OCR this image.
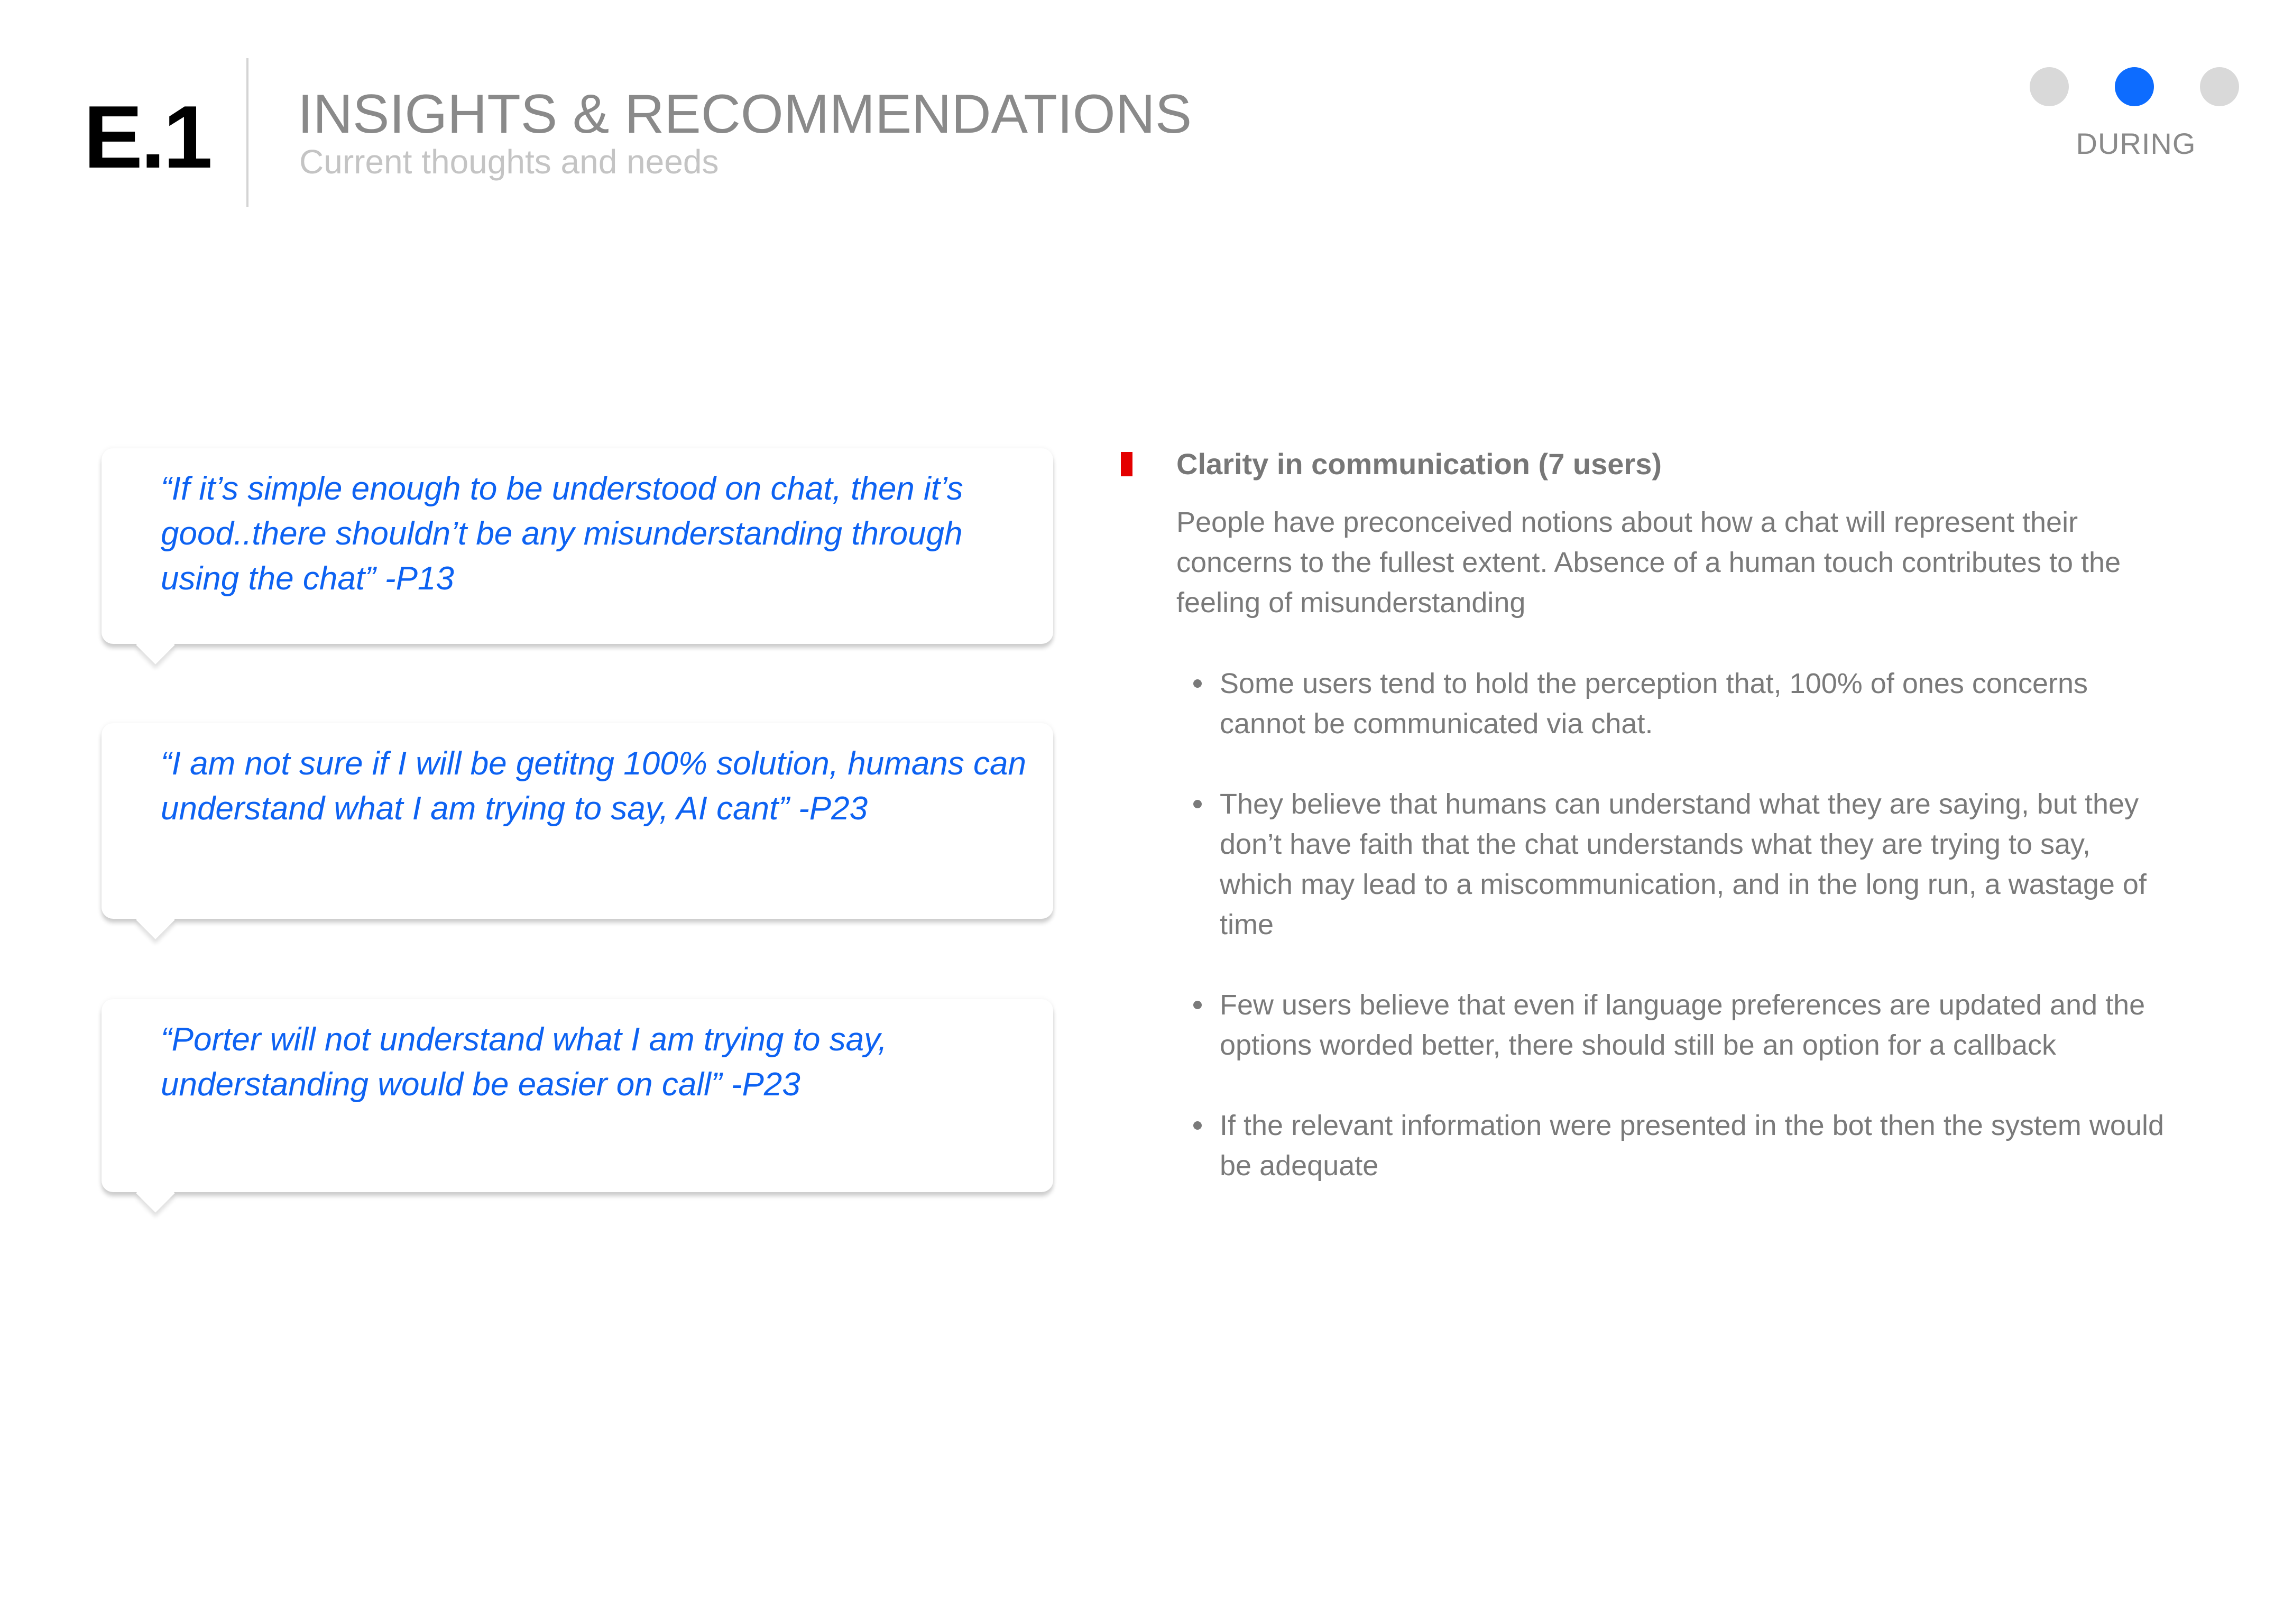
E.1 INSIGHTS & RECOMMENDATIONS
Current thoughts and needs	DURING
“If it’s simple enough to be understood on chat, then it’s good..there shouldn’t be any misunderstanding through using the chat” -P13
“I am not sure if I will be getitng 100% solution, humans can understand what I am trying to say, AI cant” -P23
“Porter will not understand what I am trying to say, understanding would be easier on call” -P23
Clarity in communication (7 users)
People have preconceived notions about how a chat will represent their concerns to the fullest extent. Absence of a human touch contributes to the feeling of misunderstanding
Some users tend to hold the perception that, 100% of ones concerns cannot be communicated via chat.
They believe that humans can understand what they are saying, but they don’t have faith that the chat understands what they are trying to say, which may lead to a miscommunication, and in the long run, a wastage of time
Few users believe that even if language preferences are updated and the options worded better, there should still be an option for a callback
If the relevant information were presented in the bot then the system would be adequate
